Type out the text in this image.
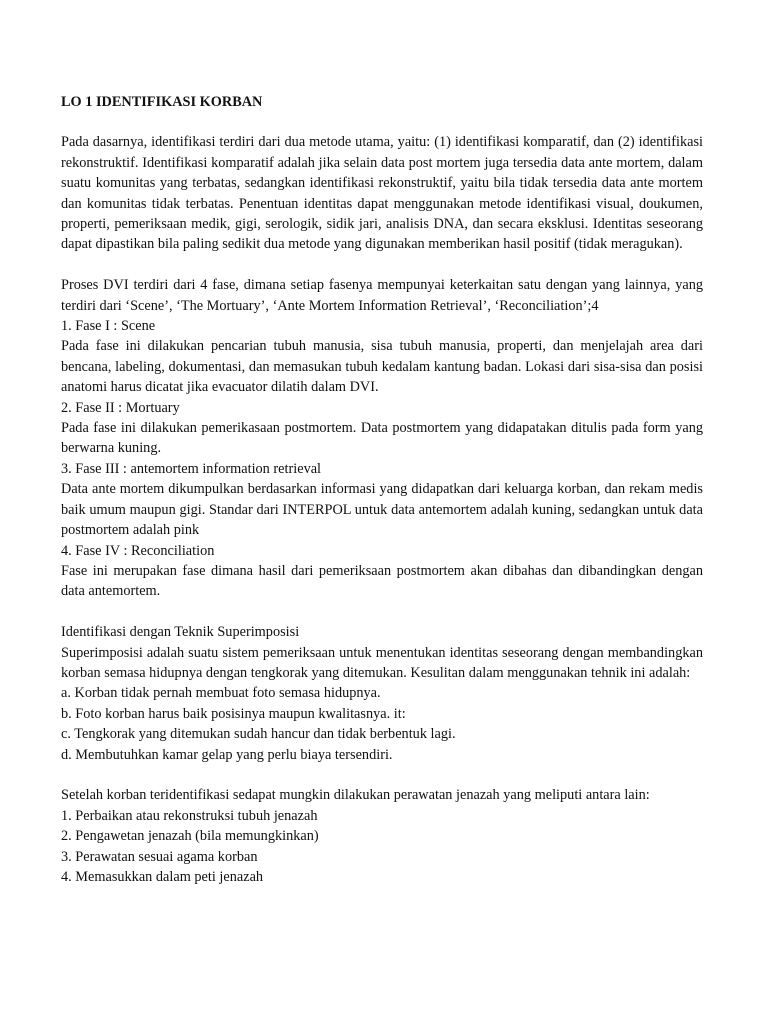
LO 1 IDENTIFIKASI KORBAN

Pada dasarnya, identifikasi terdiri dari dua metode utama, yaitu: (1) identifikasi komparatif, dan (2) identifikasi rekonstruktif. Identifikasi komparatif adalah jika selain data post mortem juga tersedia data ante mortem, dalam suatu komunitas yang terbatas, sedangkan identifikasi rekonstruktif, yaitu bila tidak tersedia data ante mortem dan komunitas tidak terbatas. Penentuan identitas dapat menggunakan metode identifikasi visual, doukumen, properti, pemeriksaan medik, gigi, serologik, sidik jari, analisis DNA, dan secara eksklusi. Identitas seseorang dapat dipastikan bila paling sedikit dua metode yang digunakan memberikan hasil positif (tidak meragukan).

Proses DVI terdiri dari 4 fase, dimana setiap fasenya mempunyai keterkaitan satu dengan yang lainnya, yang terdiri dari ‘Scene’, ‘The Mortuary’, ‘Ante Mortem Information Retrieval’, ‘Reconciliation’;4

1. Fase I : Scene

Pada fase ini dilakukan pencarian tubuh manusia, sisa tubuh manusia, properti, dan menjelajah area dari bencana, labeling, dokumentasi, dan memasukan tubuh kedalam kantung badan. Lokasi dari sisa-sisa dan posisi anatomi harus dicatat jika evacuator dilatih dalam DVI.

2. Fase II : Mortuary

Pada fase ini dilakukan pemerikasaan postmortem. Data postmortem yang didapatakan ditulis pada form yang berwarna kuning.

3. Fase III : antemortem information retrieval

Data ante mortem dikumpulkan berdasarkan informasi yang didapatkan dari keluarga korban, dan rekam medis baik umum maupun gigi. Standar dari INTERPOL untuk data antemortem adalah kuning, sedangkan untuk data postmortem adalah pink

4. Fase IV : Reconciliation

Fase ini merupakan fase dimana hasil dari pemeriksaan postmortem akan dibahas dan dibandingkan dengan data antemortem.

Identifikasi dengan Teknik Superimposisi

Superimposisi adalah suatu sistem pemeriksaan untuk menentukan identitas seseorang dengan membandingkan korban semasa hidupnya dengan tengkorak yang ditemukan. Kesulitan dalam menggunakan tehnik ini adalah:

a. Korban tidak pernah membuat foto semasa hidupnya.

b. Foto korban harus baik posisinya maupun kwalitasnya. it:

c. Tengkorak yang ditemukan sudah hancur dan tidak berbentuk lagi.

d. Membutuhkan kamar gelap yang perlu biaya tersendiri.

Setelah korban teridentifikasi sedapat mungkin dilakukan perawatan jenazah yang meliputi antara lain:

1. Perbaikan atau rekonstruksi tubuh jenazah

2. Pengawetan jenazah (bila memungkinkan)

3. Perawatan sesuai agama korban

4. Memasukkan dalam peti jenazah
